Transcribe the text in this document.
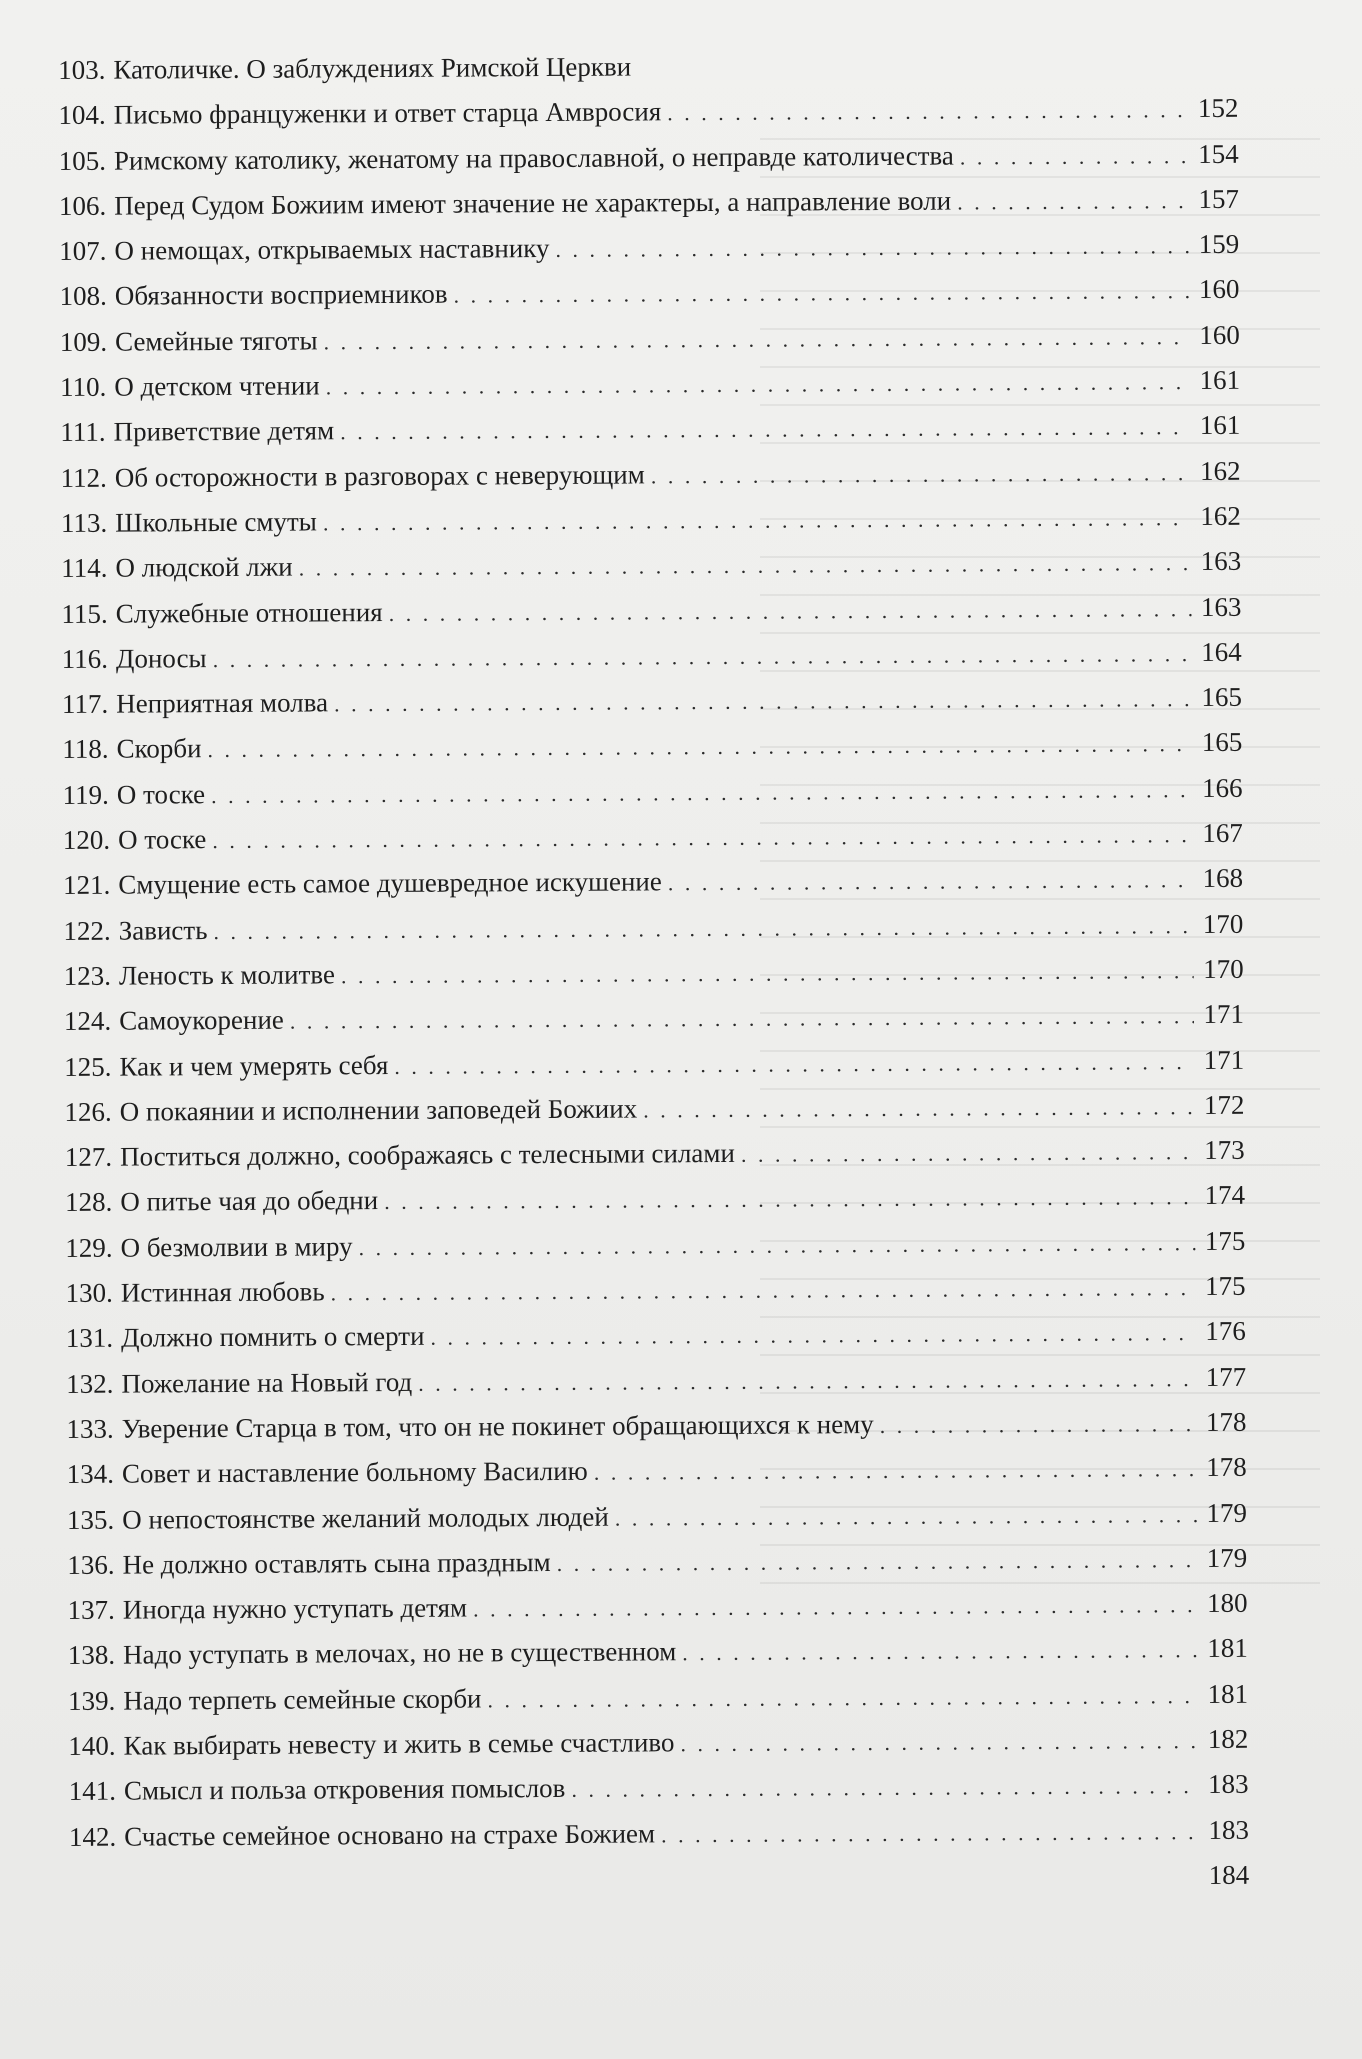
103. Католичке. О заблуждениях Римской Церкви
104. Письмо француженки и ответ старца Амвросия . . .	152
105. Римскому католику, женатому на православной, о неправде католичества . . .	154
106. Перед Судом Божиим имеют значение не характеры, а направление воли . . .	157
107. О немощах, открываемых наставнику . . .	159
108. Обязанности восприемников . . .	160
109. Семейные тяготы . . .	160
110. О детском чтении . . .	161
111. Приветствие детям . . .	161
112. Об осторожности в разговорах с неверующим . . .	162
113. Школьные смуты . . .	162
114. О людской лжи . . .	163
115. Служебные отношения . . .	163
116. Доносы . . .	164
117. Неприятная молва . . .	165
118. Скорби . . .	165
119. О тоске . . .	166
120. О тоске . . .	167
121. Смущение есть самое душевредное искушение . . .	168
122. Зависть . . .	170
123. Леность к молитве . . .	170
124. Самоукорение . . .	171
125. Как и чем умерять себя . . .	171
126. О покаянии и исполнении заповедей Божиих . . .	172
127. Поститься должно, соображаясь с телесными силами . . .	173
128. О питье чая до обедни . . .	174
129. О безмолвии в миру . . .	175
130. Истинная любовь . . .	175
131. Должно помнить о смерти . . .	176
132. Пожелание на Новый год . . .	177
133. Уверение Старца в том, что он не покинет обращающихся к нему . . .	178
134. Совет и наставление больному Василию . . .	178
135. О непостоянстве желаний молодых людей . . .	179
136. Не должно оставлять сына праздным . . .	179
137. Иногда нужно уступать детям . . .	180
138. Надо уступать в мелочах, но не в существенном . . .	181
139. Надо терпеть семейные скорби . . .	181
140. Как выбирать невесту и жить в семье счастливо . . .	182
141. Смысл и польза откровения помыслов . . .	183
142. Счастье семейное основано на страхе Божием . . .	183
184
